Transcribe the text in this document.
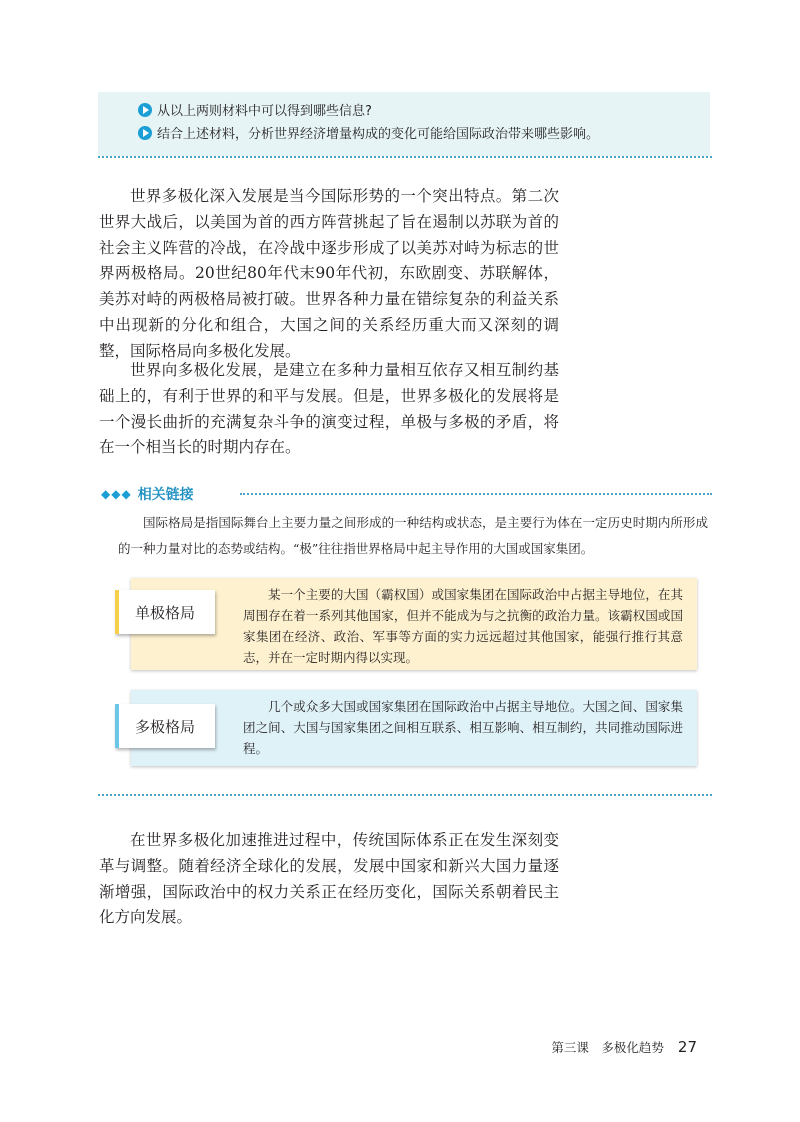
从以上两则材料中可以得到哪些信息?
结合上述材料，分析世界经济增量构成的变化可能给国际政治带来哪些影响。

世界多极化深入发展是当今国际形势的一个突出特点。第二次世界大战后，以美国为首的西方阵营挑起了旨在遏制以苏联为首的社会主义阵营的冷战，在冷战中逐步形成了以美苏对峙为标志的世界两极格局。20世纪80年代末90年代初，东欧剧变、苏联解体，美苏对峙的两极格局被打破。世界各种力量在错综复杂的利益关系中出现新的分化和组合，大国之间的关系经历重大而又深刻的调整，国际格局向多极化发展。

世界向多极化发展，是建立在多种力量相互依存又相互制约基础上的，有利于世界的和平与发展。但是，世界多极化的发展将是一个漫长曲折的充满复杂斗争的演变过程，单极与多极的矛盾，将在一个相当长的时期内存在。

◆◆◆ 相关链接

国际格局是指国际舞台上主要力量之间形成的一种结构或状态，是主要行为体在一定历史时期内所形成的一种力量对比的态势或结构。“极”往往指世界格局中起主导作用的大国或国家集团。

某一个主要的大国（霸权国）或国家集团在国际政治中占据主导地位，在其周围存在着一系列其他国家，但并不能成为与之抗衡的政治力量。该霸权国或国家集团在经济、政治、军事等方面的实力远远超过其他国家，能强行推行其意志，并在一定时期内得以实现。

单极格局

几个或众多大国或国家集团在国际政治中占据主导地位。大国之间、国家集团之间、大国与国家集团之间相互联系、相互影响、相互制约，共同推动国际进程。

多极格局

在世界多极化加速推进过程中，传统国际体系正在发生深刻变革与调整。随着经济全球化的发展，发展中国家和新兴大国力量逐渐增强，国际政治中的权力关系正在经历变化，国际关系朝着民主化方向发展。

第三课　多极化趋势 27
